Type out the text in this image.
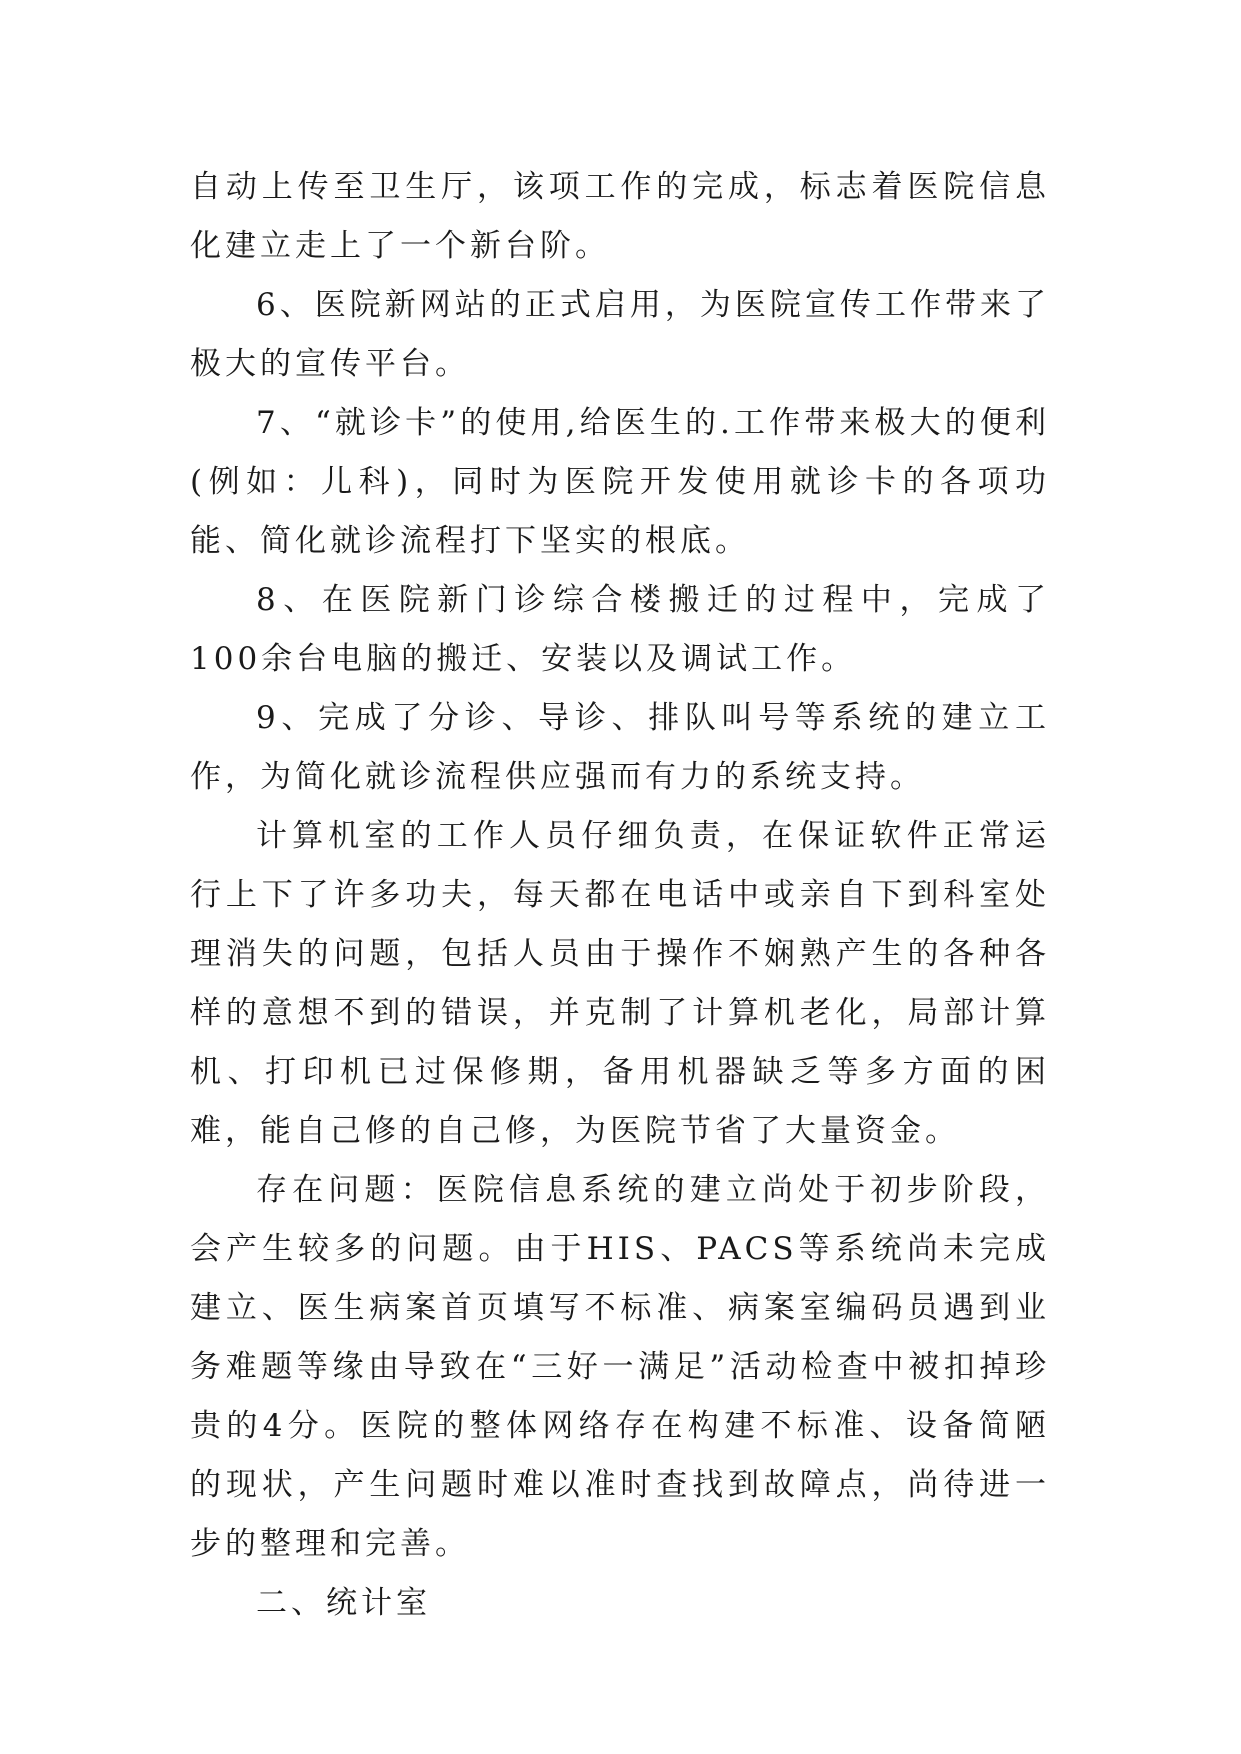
自动上传至卫生厅，该项工作的完成，标志着医院信息化建立走上了一个新台阶。

6、医院新网站的正式启用，为医院宣传工作带来了极大的宣传平台。

7、“就诊卡”的使用,给医生的.工作带来极大的便利(例如：儿科)，同时为医院开发使用就诊卡的各项功能、简化就诊流程打下坚实的根底。

8、在医院新门诊综合楼搬迁的过程中，完成了100余台电脑的搬迁、安装以及调试工作。

9、完成了分诊、导诊、排队叫号等系统的建立工作，为简化就诊流程供应强而有力的系统支持。

计算机室的工作人员仔细负责，在保证软件正常运行上下了许多功夫，每天都在电话中或亲自下到科室处理消失的问题，包括人员由于操作不娴熟产生的各种各样的意想不到的错误，并克制了计算机老化，局部计算机、打印机已过保修期，备用机器缺乏等多方面的困难，能自己修的自己修，为医院节省了大量资金。

存在问题：医院信息系统的建立尚处于初步阶段，会产生较多的问题。由于HIS、PACS等系统尚未完成建立、医生病案首页填写不标准、病案室编码员遇到业务难题等缘由导致在“三好一满足”活动检查中被扣掉珍贵的4分。医院的整体网络存在构建不标准、设备简陋的现状，产生问题时难以准时查找到故障点，尚待进一步的整理和完善。

二、统计室
